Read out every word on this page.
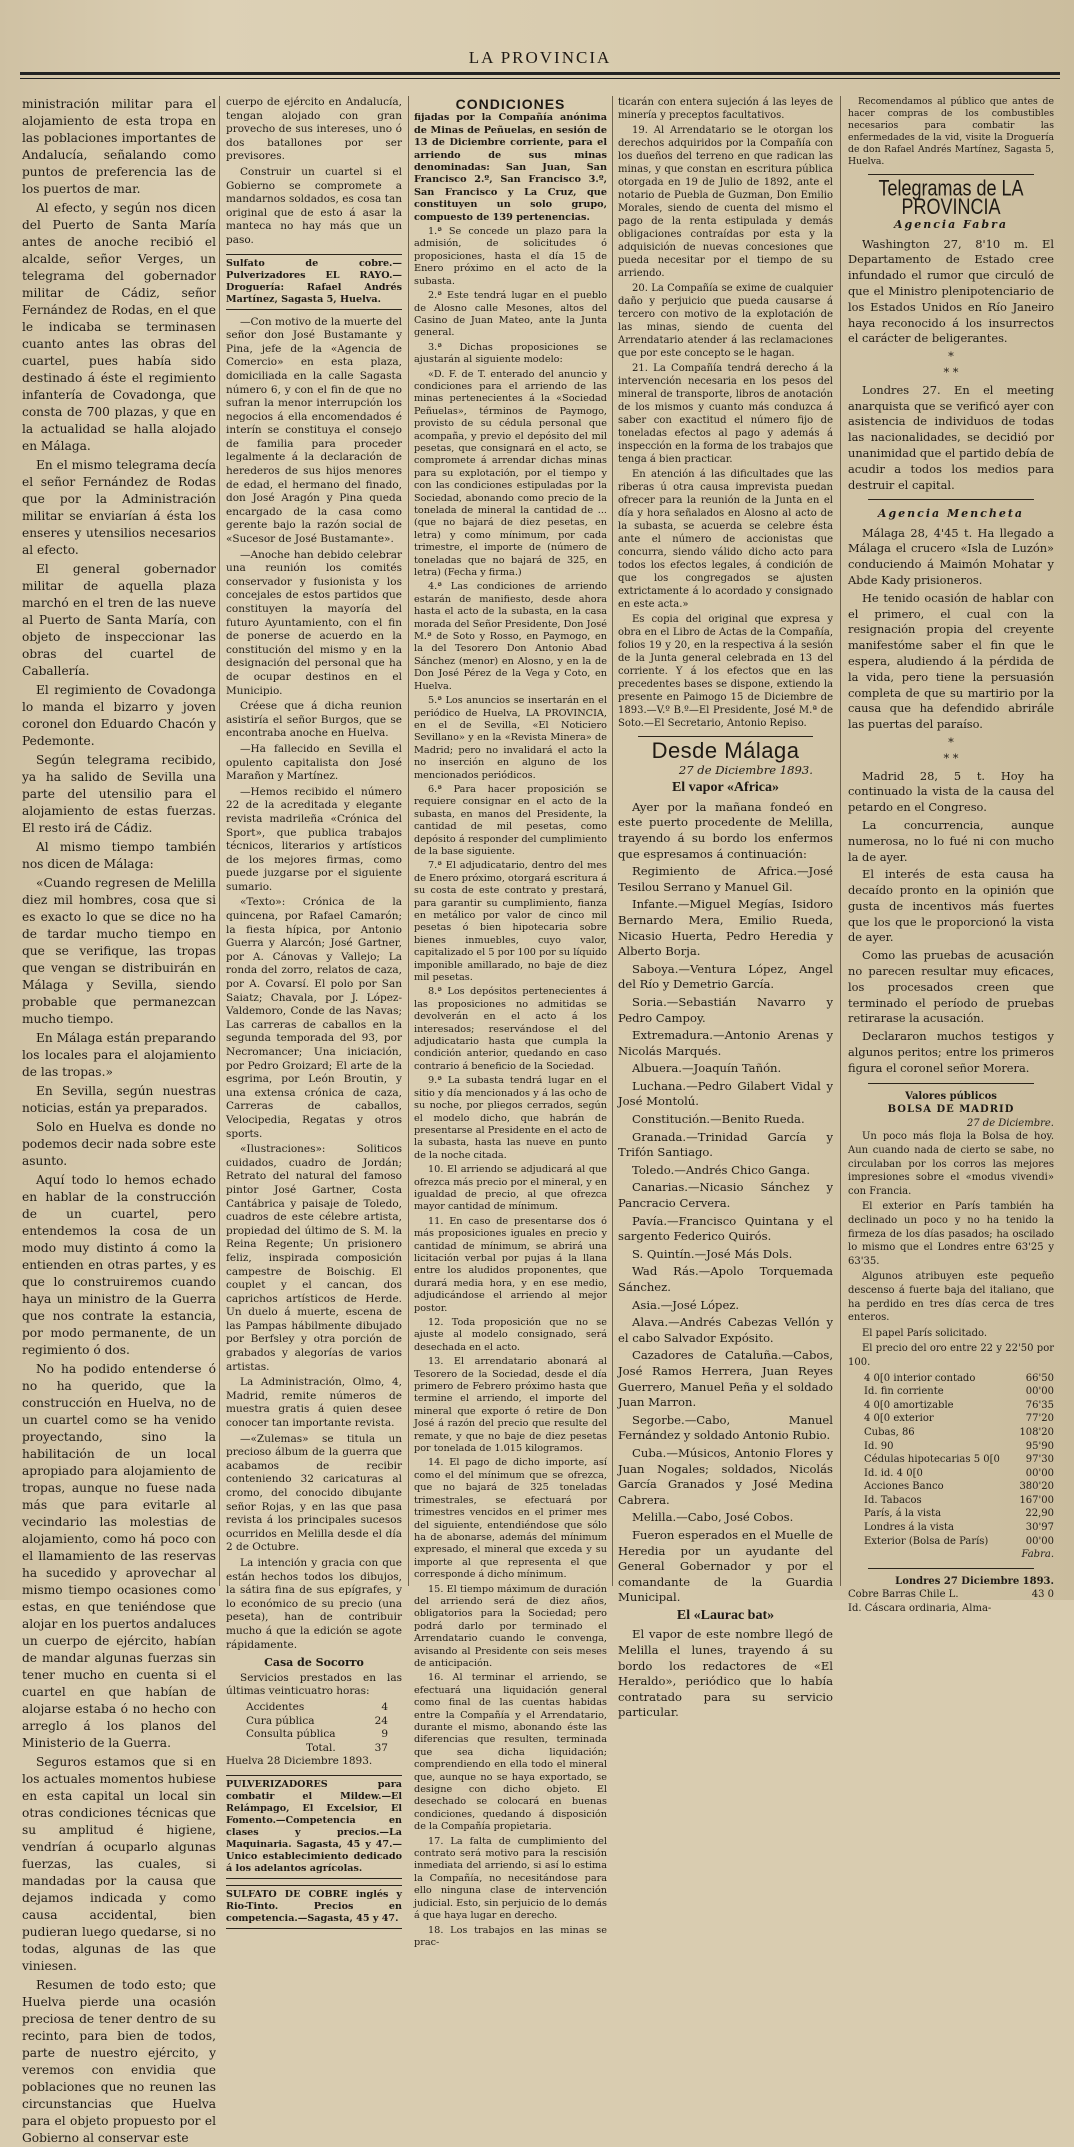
LA PROVINCIA

ministración militar para el alojamiento de esta tropa en las poblaciones importantes de Andalucía, señalando como puntos de preferencia las de los puertos de mar.

Al efecto, y según nos dicen del Puerto de Santa María antes de anoche recibió el alcalde, señor Verges, un telegrama del gobernador militar de Cádiz, señor Fernández de Rodas, en el que le indicaba se terminasen cuanto antes las obras del cuartel, pues había sido destinado á éste el regimiento infantería de Covadonga, que consta de 700 plazas, y que en la actualidad se halla alojado en Málaga.

En el mismo telegrama decía el señor Fernández de Rodas que por la Administración militar se enviarían á ésta los enseres y utensilios necesarios al efecto.

El general gobernador militar de aquella plaza marchó en el tren de las nueve al Puerto de Santa María, con objeto de inspeccionar las obras del cuartel de Caballería.

El regimiento de Covadonga lo manda el bizarro y joven coronel don Eduardo Chacón y Pedemonte.

Según telegrama recibido, ya ha salido de Sevilla una parte del utensilio para el alojamiento de estas fuerzas. El resto irá de Cádiz.

Al mismo tiempo también nos dicen de Málaga:

«Cuando regresen de Melilla diez mil hombres, cosa que si es exacto lo que se dice no ha de tardar mucho tiempo en que se verifique, las tropas que vengan se distribuirán en Málaga y Sevilla, siendo probable que permanezcan mucho tiempo.

En Málaga están preparando los locales para el alojamiento de las tropas.»

En Sevilla, según nuestras noticias, están ya preparados.

Solo en Huelva es donde no podemos decir nada sobre este asunto.

Aquí todo lo hemos echado en hablar de la construcción de un cuartel, pero entendemos la cosa de un modo muy distinto á como la entienden en otras partes, y es que lo construiremos cuando haya un ministro de la Guerra que nos contrate la estancia, por modo permanente, de un regimiento ó dos.

No ha podido entenderse ó no ha querido, que la construcción en Huelva, no de un cuartel como se ha venido proyectando, sino la habilitación de un local apropiado para alojamiento de tropas, aunque no fuese nada más que para evitarle al vecindario las molestias de alojamiento, como há poco con el llamamiento de las reservas ha sucedido y aprovechar al mismo tiempo ocasiones como estas, en que teniéndose que alojar en los puertos andaluces un cuerpo de ejército, habían de mandar algunas fuerzas sin tener mucho en cuenta si el cuartel en que habían de alojarse estaba ó no hecho con arreglo á los planos del Ministerio de la Guerra.

Seguros estamos que si en los actuales momentos hubiese en esta capital un local sin otras condiciones técnicas que su amplitud é higiene, vendrían á ocuparlo algunas fuerzas, las cuales, si mandadas por la causa que dejamos indicada y como causa accidental, bien pudieran luego quedarse, si no todas, algunas de las que viniesen.

Resumen de todo esto; que Huelva pierde una ocasión preciosa de tener dentro de su recinto, para bien de todos, parte de nuestro ejército, y veremos con envidia que poblaciones que no reunen las circunstancias que Huelva para el objeto propuesto por el Gobierno al conservar este

cuerpo de ejército en Andalucía, tengan alojado con gran provecho de sus intereses, uno ó dos batallones por ser previsores.

Construir un cuartel si el Gobierno se compromete a mandarnos soldados, es cosa tan original que de esto á asar la manteca no hay más que un paso.

Sulfato de cobre.—Pulverizadores EL RAYO.—Droguería: Rafael Andrés Martínez, Sagasta 5, Huelva.

—Con motivo de la muerte del señor don José Bustamante y Pina, jefe de la «Agencia de Comercio» en esta plaza, domiciliada en la calle Sagasta número 6, y con el fin de que no sufran la menor interrupción los negocios á ella encomendados é interín se constituya el consejo de familia para proceder legalmente á la declaración de herederos de sus hijos menores de edad, el hermano del finado, don José Aragón y Pina queda encargado de la casa como gerente bajo la razón social de «Sucesor de José Bustamante».

—Anoche han debido celebrar una reunión los comités conservador y fusionista y los concejales de estos partidos que constituyen la mayoría del futuro Ayuntamiento, con el fin de ponerse de acuerdo en la constitución del mismo y en la designación del personal que ha de ocupar destinos en el Municipio.

Créese que á dicha reunion asistiría el señor Burgos, que se encontraba anoche en Huelva.

—Ha fallecido en Sevilla el opulento capitalista don José Marañon y Martínez.

—Hemos recibido el número 22 de la acreditada y elegante revista madrileña «Crónica del Sport», que publica trabajos técnicos, literarios y artísticos de los mejores firmas, como puede juzgarse por el siguiente sumario.

«Texto»: Crónica de la quincena, por Rafael Camarón; la fiesta hípica, por Antonio Guerra y Alarcón; José Gartner, por A. Cánovas y Vallejo; La ronda del zorro, relatos de caza, por A. Covarsí. El polo por San Saiatz; Chavala, por J. López-Valdemoro, Conde de las Navas; Las carreras de caballos en la segunda temporada del 93, por Necromancer; Una iniciación, por Pedro Groizard; El arte de la esgrima, por León Broutin, y una extensa crónica de caza, Carreras de caballos, Velocipedia, Regatas y otros sports.

«Ilustraciones»: Soliticos cuidados, cuadro de Jordán; Retrato del natural del famoso pintor José Gartner, Costa Cantábrica y paisaje de Toledo, cuadros de este célebre artista, propiedad del último de S. M. la Reina Regente; Un prisionero feliz, inspirada composición campestre de Boischig. El couplet y el cancan, dos caprichos artísticos de Herde. Un duelo á muerte, escena de las Pampas hábilmente dibujado por Berfsley y otra porción de grabados y alegorías de varios artistas.

La Administración, Olmo, 4, Madrid, remite números de muestra gratis á quien desee conocer tan importante revista.

—«Zulemas» se titula un precioso álbum de la guerra que acabamos de recibir conteniendo 32 caricaturas al cromo, del conocido dibujante señor Rojas, y en las que pasa revista á los principales sucesos ocurridos en Melilla desde el día 2 de Octubre.

La intención y gracia con que están hechos todos los dibujos, la sátira fina de sus epígrafes, y lo económico de su precio (una peseta), han de contribuir mucho á que la edición se agote rápidamente.

Casa de Socorro

Servicios prestados en las últimas veinticuatro horas:

Accidentes	4
Cura pública	24
Consulta pública	9
Total.	37

Huelva 28 Diciembre 1893.

PULVERIZADORES para combatir el Mildew.—El Relámpago, El Excelsior, El Fomento.—Competencia en clases y precios.—La Maquinaria. Sagasta, 45 y 47.—Unico establecimiento dedicado á los adelantos agrícolas.
SULFATO DE COBRE inglés y Rio-Tinto. Precios en competencia.—Sagasta, 45 y 47.
CONDICIONES

fijadas por la Compañía anónima de Minas de Peñuelas, en sesión de 13 de Diciembre corriente, para el arriendo de sus minas denominadas: San Juan, San Francisco 2.º, San Francisco 3.º, San Francisco y La Cruz, que constituyen un solo grupo, compuesto de 139 pertenencias.

1.ª Se concede un plazo para la admisión, de solicitudes ó proposiciones, hasta el día 15 de Enero próximo en el acto de la subasta.

2.ª Este tendrá lugar en el pueblo de Alosno calle Mesones, altos del Casino de Juan Mateo, ante la Junta general.

3.ª Dichas proposiciones se ajustarán al siguiente modelo:

«D. F. de T. enterado del anuncio y condiciones para el arriendo de las minas pertenecientes á la «Sociedad Peñuelas», términos de Paymogo, provisto de su cédula personal que acompaña, y previo el depósito del mil pesetas, que consignará en el acto, se compromete á arrendar dichas minas para su explotación, por el tiempo y con las condiciones estipuladas por la Sociedad, abonando como precio de la tonelada de mineral la cantidad de ... (que no bajará de diez pesetas, en letra) y como mínimum, por cada trimestre, el importe de (número de toneladas que no bajará de 325, en letra) (Fecha y firma.)

4.ª Las condiciones de arriendo estarán de manifiesto, desde ahora hasta el acto de la subasta, en la casa morada del Señor Presidente, Don José M.ª de Soto y Rosso, en Paymogo, en la del Tesorero Don Antonio Abad Sánchez (menor) en Alosno, y en la de Don José Pérez de la Vega y Coto, en Huelva.

5.ª Los anuncios se insertarán en el periódico de Huelva, LA PROVINCIA, en el de Sevilla, «El Noticiero Sevillano» y en la «Revista Minera» de Madrid; pero no invalidará el acto la no inserción en alguno de los mencionados periódicos.

6.ª Para hacer proposición se requiere consignar en el acto de la subasta, en manos del Presidente, la cantidad de mil pesetas, como depósito á responder del cumplimiento de la base siguiente.

7.ª El adjudicatario, dentro del mes de Enero próximo, otorgará escritura á su costa de este contrato y prestará, para garantir su cumplimiento, fianza en metálico por valor de cinco mil pesetas ó bien hipotecaria sobre bienes inmuebles, cuyo valor, capitalizado el 5 por 100 por su líquido imponible amillarado, no baje de diez mil pesetas.

8.ª Los depósitos pertenecientes á las proposiciones no admitidas se devolverán en el acto á los interesados; reservándose el del adjudicatario hasta que cumpla la condición anterior, quedando en caso contrario á beneficio de la Sociedad.

9.ª La subasta tendrá lugar en el sitio y día mencionados y á las ocho de su noche, por pliegos cerrados, según el modelo dicho, que habrán de presentarse al Presidente en el acto de la subasta, hasta las nueve en punto de la noche citada.

10. El arriendo se adjudicará al que ofrezca más precio por el mineral, y en igualdad de precio, al que ofrezca mayor cantidad de mínimum.

11. En caso de presentarse dos ó más proposiciones iguales en precio y cantidad de mínimum, se abrirá una licitación verbal por pujas á la llana entre los aludidos proponentes, que durará media hora, y en ese medio, adjudicándose el arriendo al mejor postor.

12. Toda proposición que no se ajuste al modelo consignado, será desechada en el acto.

13. El arrendatario abonará al Tesorero de la Sociedad, desde el día primero de Febrero próximo hasta que termine el arriendo, el importe del mineral que exporte ó retire de Don José á razón del precio que resulte del remate, y que no baje de diez pesetas por tonelada de 1.015 kilogramos.

14. El pago de dicho importe, así como el del mínimum que se ofrezca, que no bajará de 325 toneladas trimestrales, se efectuará por trimestres vencidos en el primer mes del siguiente, entendiéndose que sólo ha de abonarse, además del mínimum expresado, el mineral que exceda y su importe al que representa el que corresponde á dicho mínimum.

15. El tiempo máximum de duración del arriendo será de diez años, obligatorios para la Sociedad; pero podrá darlo por terminado el Arrendatario cuando le convenga, avisando al Presidente con seis meses de anticipación.

16. Al terminar el arriendo, se efectuará una liquidación general como final de las cuentas habidas entre la Compañía y el Arrendatario, durante el mismo, abonando éste las diferencias que resulten, terminada que sea dicha liquidación; comprendiendo en ella todo el mineral que, aunque no se haya exportado, se designe con dicho objeto. El desechado se colocará en buenas condiciones, quedando á disposición de la Compañía propietaria.

17. La falta de cumplimiento del contrato será motivo para la rescisión inmediata del arriendo, si así lo estima la Compañía, no necesitándose para ello ninguna clase de intervención judicial. Esto, sin perjuicio de lo demás á que haya lugar en derecho.

18. Los trabajos en las minas se prac-

ticarán con entera sujeción á las leyes de minería y preceptos facultativos.

19. Al Arrendatario se le otorgan los derechos adquiridos por la Compañía con los dueños del terreno en que radican las minas, y que constan en escritura pública otorgada en 19 de Julio de 1892, ante el notario de Puebla de Guzman, Don Emilio Morales, siendo de cuenta del mismo el pago de la renta estipulada y demás obligaciones contraídas por esta y la adquisición de nuevas concesiones que pueda necesitar por el tiempo de su arriendo.

20. La Compañía se exime de cualquier daño y perjuicio que pueda causarse á tercero con motivo de la explotación de las minas, siendo de cuenta del Arrendatario atender á las reclamaciones que por este concepto se le hagan.

21. La Compañía tendrá derecho á la intervención necesaria en los pesos del mineral de transporte, libros de anotación de los mismos y cuanto más conduzca á saber con exactitud el número fijo de toneladas efectos al pago y además á inspección en la forma de los trabajos que tenga á bien practicar.

En atención á las dificultades que las riberas ú otra causa imprevista puedan ofrecer para la reunión de la Junta en el día y hora señalados en Alosno al acto de la subasta, se acuerda se celebre ésta ante el número de accionistas que concurra, siendo válido dicho acto para todos los efectos legales, á condición de que los congregados se ajusten extrictamente á lo acordado y consignado en este acta.»

Es copia del original que expresa y obra en el Libro de Actas de la Compañía, folios 19 y 20, en la respectiva á la sesión de la Junta general celebrada en 13 del corriente. Y á los efectos que en las precedentes bases se dispone, extiendo la presente en Paimogo 15 de Diciembre de 1893.—V.º B.º—El Presidente, José M.ª de Soto.—El Secretario, Antonio Repiso.

Desde Málaga
27 de Diciembre 1893.
El vapor «Africa»

Ayer por la mañana fondeó en este puerto procedente de Melilla, trayendo á su bordo los enfermos que espresamos á continuación:

Regimiento de Africa.—José Tesilou Serrano y Manuel Gil.

Infante.—Miguel Megías, Isidoro Bernardo Mera, Emilio Rueda, Nicasio Huerta, Pedro Heredia y Alberto Borja.

Saboya.—Ventura López, Angel del Río y Demetrio García.

Soria.—Sebastián Navarro y Pedro Campoy.

Extremadura.—Antonio Arenas y Nicolás Marqués.

Albuera.—Joaquín Tañón.

Luchana.—Pedro Gilabert Vidal y José Montolú.

Constitución.—Benito Rueda.

Granada.—Trinidad García y Trifón Santiago.

Toledo.—Andrés Chico Ganga.

Canarias.—Nicasio Sánchez y Pancracio Cervera.

Pavía.—Francisco Quintana y el sargento Federico Quirós.

S. Quintín.—José Más Dols.

Wad Rás.—Apolo Torquemada Sánchez.

Asia.—José López.

Alava.—Andrés Cabezas Vellón y el cabo Salvador Expósito.

Cazadores de Cataluña.—Cabos, José Ramos Herrera, Juan Reyes Guerrero, Manuel Peña y el soldado Juan Marron.

Segorbe.—Cabo, Manuel Fernández y soldado Antonio Rubio.

Cuba.—Músicos, Antonio Flores y Juan Nogales; soldados, Nicolás García Granados y José Medina Cabrera.

Melilla.—Cabo, José Cobos.

Fueron esperados en el Muelle de Heredia por un ayudante del General Gobernador y por el comandante de la Guardia Municipal.

El «Laurac bat»

El vapor de este nombre llegó de Melilla el lunes, trayendo á su bordo los redactores de «El Heraldo», periódico que lo había contratado para su servicio particular.

Recomendamos al público que antes de hacer compras de los combustibles necesarios para combatir las enfermedades de la vid, visite la Droguería de don Rafael Andrés Martínez, Sagasta 5, Huelva.

Telegramas de LA PROVINCIA
Agencia Fabra

Washington 27, 8'10 m. El Departamento de Estado cree infundado el rumor que circuló de que el Ministro plenipotenciario de los Estados Unidos en Río Janeiro haya reconocido á los insurrectos el carácter de beligerantes.

*
* *

Londres 27. En el meeting anarquista que se verificó ayer con asistencia de individuos de todas las nacionalidades, se decidió por unanimidad que el partido debía de acudir a todos los medios para destruir el capital.

Agencia Mencheta

Málaga 28, 4'45 t. Ha llegado a Málaga el crucero «Isla de Luzón» conduciendo á Maimón Mohatar y Abde Kady prisioneros.

He tenido ocasión de hablar con el primero, el cual con la resignación propia del creyente manifestóme saber el fin que le espera, aludiendo á la pérdida de la vida, pero tiene la persuasión completa de que su martirio por la causa que ha defendido abrirále las puertas del paraíso.

*
* *

Madrid 28, 5 t. Hoy ha continuado la vista de la causa del petardo en el Congreso.

La concurrencia, aunque numerosa, no lo fué ni con mucho la de ayer.

El interés de esta causa ha decaído pronto en la opinión que gusta de incentivos más fuertes que los que le proporcionó la vista de ayer.

Como las pruebas de acusación no parecen resultar muy eficaces, los procesados creen que terminado el período de pruebas retirarase la acusación.

Declararon muchos testigos y algunos peritos; entre los primeros figura el coronel señor Morera.

Valores públicos
BOLSA DE MADRID
27 de Diciembre.

Un poco más floja la Bolsa de hoy. Aun cuando nada de cierto se sabe, no circulaban por los corros las mejores impresiones sobre el «modus vivendi» con Francia.

El exterior en París también ha declinado un poco y no ha tenido la firmeza de los días pasados; ha oscilado lo mismo que el Londres entre 63'25 y 63'35.

Algunos atribuyen este pequeño descenso á fuerte baja del italiano, que ha perdido en tres días cerca de tres enteros.

El papel París solicitado.

El precio del oro entre 22 y 22'50 por 100.

4 0[0 interior contado	66'50
Id. fin corriente	00'00
4 0[0 amortizable	76'35
4 0[0 exterior	77'20
Cubas, 86	108'20
Id. 90	95'90
Cédulas hipotecarias 5 0[0	97'30
Id. id. 4 0[0	00'00
Acciones Banco	380'20
Id. Tabacos	167'00
París, á la vista	22,90
Londres á la vista	30'97
Exterior (Bolsa de París)	00'00
Fabra.
Londres 27 Diciembre 1893.
Cobre Barras Chile L.	43 0
Id. Cáscara ordinaria, Alma-
